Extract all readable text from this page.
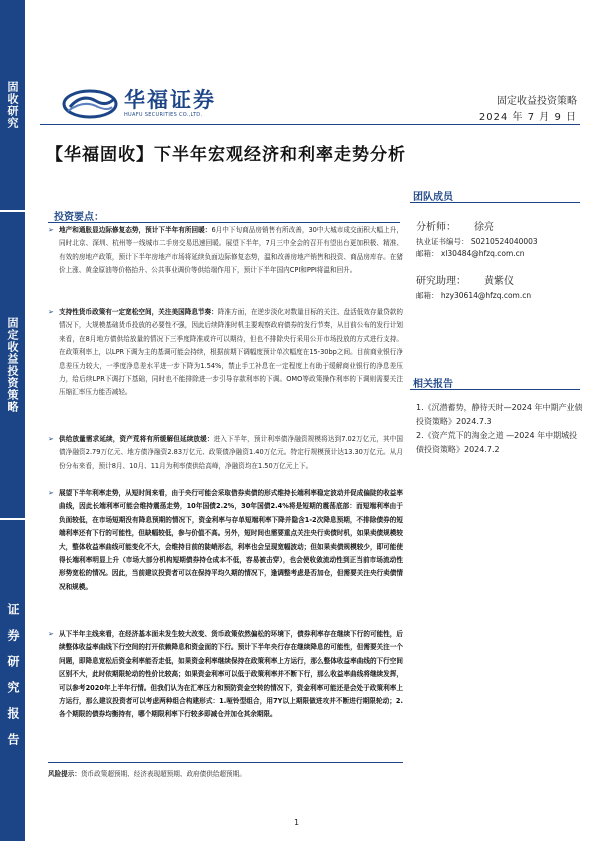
固收研究
固定收益投资策略
证券研究报告
华福证券
HUAFU SECURITIES CO.,LTD.
固定收益投资策略
2024 年 7 月 9 日
【华福固收】下半年宏观经济和利率走势分析
团队成员
分析师： 徐亮
执业证书编号： S0210524040003
邮箱： xl30484@hfzq.com.cn
研究助理： 黄紫仪
邮箱： hzy30614@hfzq.com.cn
相关报告
1.《沉潜蓄势，静待天时—2024 年中期产业债投资策略》2024.7.3
2.《资产荒下的淘金之道 —2024 年中期城投债投资策略》2024.7.2
投资要点：
➢ 地产和通胀显边际修复态势，预计下半年有所回暖：6月中下旬商品房销售有所改善，30中大城市成交面积大幅上升，同时北京、深圳、杭州等一线城市二手房交易迅速回暖。展望下半年，7月三中全会的召开有望出台更加积极、精准、有效的房地产政策，预计下半年房地产市场将延续负面边际修复态势，温和改善房地产销售和投资、商品房库存。在猪价上涨、黄金原油等价格抬升、公共事业调价等供给端作用下，预计下半年国内CPI和PPI将温和回升。
➢ 支持性货币政策有一定宽松空间，关注美国降息节奏：降准方面，在逆步淡化对数量目标的关注、盘活低效存量贷款的情况下，大规模基础货币投放的必要性不强，因此后续降准时机主要观察政府债券的发行节奏，从目前公布的发行计划来看，在8月地方债供给放量的情况下三季度降准或许可以期待，但也不排除央行采用公开市场投放的方式进行支持。在政策利率上，以LPR下调为主的基调可能会持续，根据前期下调幅度预计单次幅度在15-30bp之间。目前商业银行净息差压力较大，一季度净息差水平进一步下降为1.54%，禁止手工补息在一定程度上有助于缓解商业银行的净息差压力，给后续LPR下调打下基础，同时也不能排除进一步引导存款利率的下调。OMO等政策操作利率的下调则需要关注压缩汇率压力能否减轻。
➢ 供给放量需求延续，资产荒将有所缓解但延续放缓：进入下半年，预计利率债净融资规模将达到7.02万亿元，其中国债净融资2.79万亿元、地方债净融资2.83万亿元、政策债净融资1.40万亿元。特定行规模预计达13.30万亿元。从月份分布来看，预计8月、10月、11月为利率债供给高峰，净融资均在1.50万亿元上下。
➢ 展望下半年利率走势，从短时间来看，由于央行可能会采取借券卖债的形式维持长端利率稳定波动并促成偏陡的收益率曲线，因此长端利率可能会维持震荡走势，10年国债2.2%，30年国债2.4%将是短期的震荡底部：而短端利率由于负面较低，在市场短期没有降息预期的情况下，资金利率与存单短端利率下降并隐含1-2次降息预期，不排除债券的短端利率还有下行的可能性，但缺幅较低，参与价值不高。另外，短时间也需要重点关注央行卖债时机，如果卖债规模较大，整体收益率曲线可能变化不大，会维持目前的陡峭形态，利率也会呈现宽幅波动；但如果卖债规模较少，即可能使得长端利率明显上升（市场大部分机构短期债券持仓成本不低，容易被击穿），也会使收敛流动性到正当前市场流动性形势宽松的情况。因此，当前建议投资者可以在保持平均久期的情况下，逢调整考虑是否加仓，但需要关注央行卖债情况和规模。
➢ 从下半年主线来看，在经济基本面未发生较大改变、货币政策依然偏松的环境下，债券利率存在继续下行的可能性，后续整体收益率曲线下行空间的打开依赖降息和资金面的下行。预计下半年央行存在继续降息的可能性，但需要关注一个问题，即降息宽松后资金利率能否走低，如果资金利率继续保持在政策利率上方运行，那么整体收益率曲线的下行空间区别不大，此时依期限轮动的性价比较高；如果资金利率可以低于政策利率并不断下行，那么收益率曲线将继续发挥，可以参考2020年上半年行情。但我们认为在汇率压力和预防资金空转的情况下，资金利率可能还是会处于政策利率上方运行，那么建议投资者可以考虑两种组合构建形式：1.哑铃型组合，用7Y以上期限做进攻并不断进行期限轮动；2.各个期限的债券均衡持有，哪个期限利率下行较多即减仓并加仓其余期限。
风险提示：货币政策超预期、经济表现超预期、政府债供给超预期。
1
